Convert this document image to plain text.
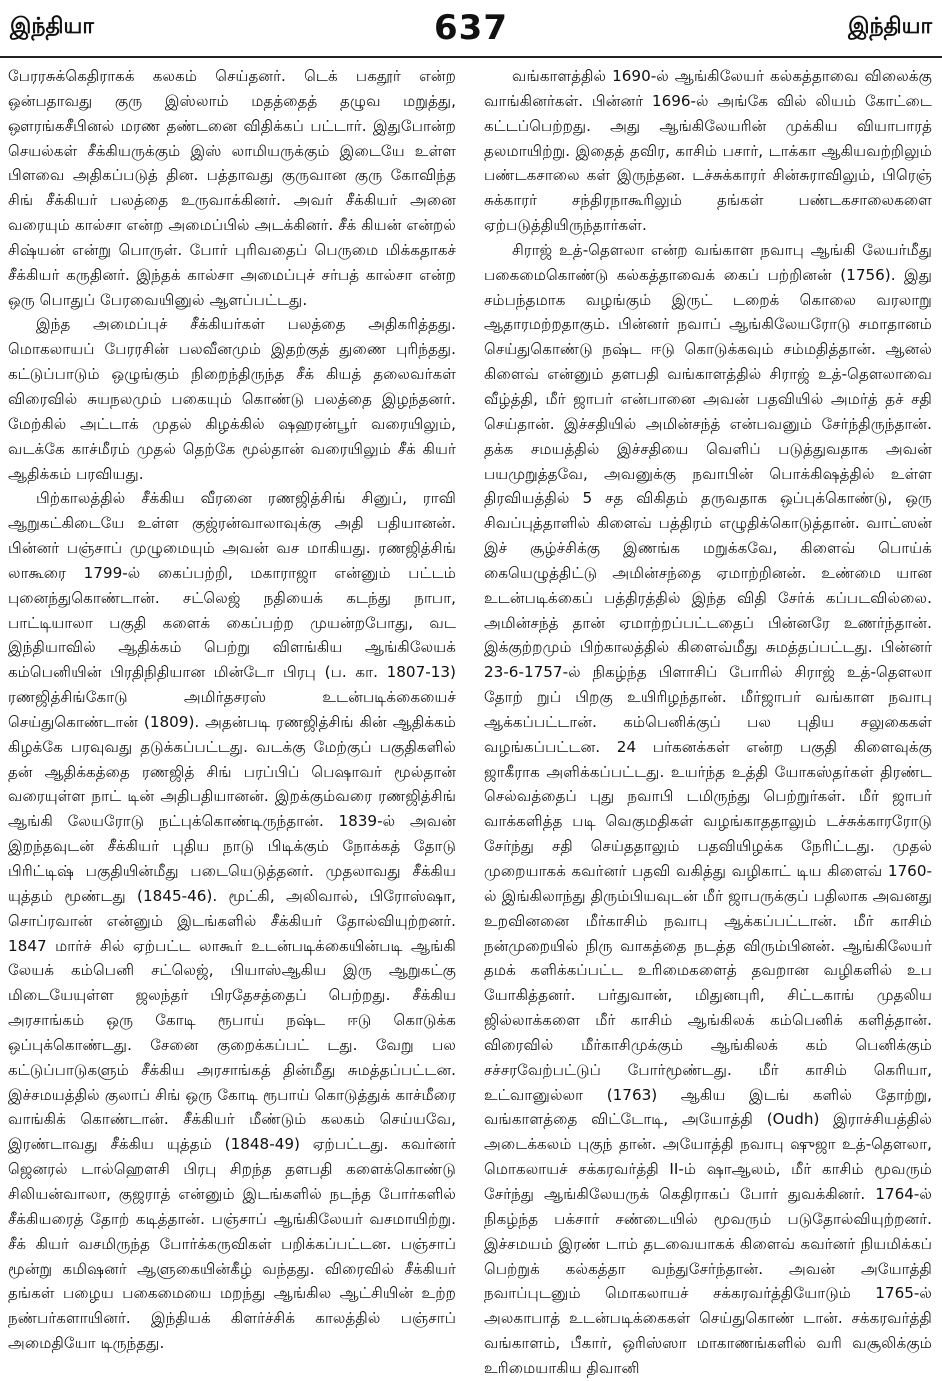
இந்தியா	637	இந்தியா

பேரரசுக்கெதிராகக் கலகம் செய்தனர். டெக் பகதூர் என்ற ஒன்பதாவது குரு இஸ்லாம் மதத்தைத் தழுவ மறுத்து, ஔரங்கசீபினல் மரண தண்டனை விதிக்கப் பட்டார். இதுபோன்ற செயல்கள் சீக்கியருக்கும் இஸ் லாமியருக்கும் இடையே உள்ள பிளவை அதிகப்படுத் தின. பத்தாவது குருவான குரு கோவிந்த சிங் சீக்கியர் பலத்தை உருவாக்கினர். அவர் சீக்கியர் அனை வரையும் கால்சா என்ற அமைப்பில் அடக்கினர். சீக் கியன் என்றல் சிஷ்யன் என்று பொருள். போர் புரிவதைப் பெருமை மிக்கதாகச் சீக்கியர் கருதினர். இந்தக் கால்சா அமைப்புச் சர்பத் கால்சா என்ற ஒரு பொதுப் பேரவையினுல் ஆளப்பட்டது.

இந்த அமைப்புச் சீக்கியர்கள் பலத்தை அதிகரித்தது. மொகலாயப் பேரரசின் பலவீனமும் இதற்குத் துணை புரிந்தது. கட்டுப்பாடும் ஒழுங்கும் நிறைந்திருந்த சீக் கியத் தலைவர்கள் விரைவில் சுயநலமும் பகையும் கொண்டு பலத்தை இழந்தனர். மேற்கில் அட்டாக் முதல் கிழக்கில் ஷஹரன்பூர் வரையிலும், வடக்கே காச்மீரம் முதல் தெற்கே மூல்தான் வரையிலும் சீக் கியர் ஆதிக்கம் பரவியது.

பிற்காலத்தில் சீக்கிய வீரனை ரணஜித்சிங் சினுப், ராவி ஆறுகட்கிடையே உள்ள குஜ்ரன்வாலாவுக்கு அதி பதியானன். பின்னர் பஞ்சாப் முழுமையும் அவன் வச மாகியது. ரணஜித்சிங் லாகூரை 1799-ல் கைப்பற்றி, மகாராஜா என்னும் பட்டம் புனைந்துகொண்டான். சட்லெஜ் நதியைக் கடந்து நாபா, பாட்டியாலா பகுதி களைக் கைப்பற்ற முயன்றபோது, வட இந்தியாவில் ஆதிக்கம் பெற்று விளங்கிய ஆங்கிலேயக் கம்பெனியின் பிரதிநிதியான மின்டோ பிரபு (ப. கா. 1807-13) ரணஜித்சிங்கோடு அமிர்தசரஸ் உடன்படிக்கையைச் செய்துகொண்டான் (1809). அதன்படி ரணஜித்சிங் கின் ஆதிக்கம் கிழக்கே பரவுவது தடுக்கப்பட்டது. வடக்கு மேற்குப் பகுதிகளில் தன் ஆதிக்கத்தை ரணஜித் சிங் பரப்பிப் பெஷாவர் மூல்தான் வரையுள்ள நாட் டின் அதிபதியானன். இறக்கும்வரை ரணஜித்சிங் ஆங்கி லேயரோடு நட்புக்கொண்டிருந்தான். 1839-ல் அவன் இறந்தவுடன் சீக்கியர் புதிய நாடு பிடிக்கும் நோக்கத் தோடு பிரிட்டிஷ் பகுதியின்மீது படையெடுத்தனர். முதலாவது சீக்கிய யுத்தம் மூண்டது (1845-46). மூட்கி, அலிவால், பிரோஸ்ஷா, சொப்ரவான் என்னும் இடங்களில் சீக்கியர் தோல்வியுற்றனர். 1847 மார்ச் சில் ஏற்பட்ட லாகூர் உடன்படிக்கையின்படி ஆங்கி லேயக் கம்பெனி சட்லெஜ், பியாஸ்ஆகிய இரு ஆறுகட்கு மிடையேயுள்ள ஜலந்தர் பிரதேசத்தைப் பெற்றது. சீக்கிய அரசாங்கம் ஒரு கோடி ரூபாய் நஷ்ட ஈடு கொடுக்க ஒப்புக்கொண்டது. சேனை குறைக்கப்பட் டது. வேறு பல கட்டுப்பாடுகளும் சீக்கிய அரசாங்கத் தின்மீது சுமத்தப்பட்டன. இச்சமயத்தில் குலாப் சிங் ஒரு கோடி ரூபாய் கொடுத்துக் காச்மீரை வாங்கிக் கொண்டான். சீக்கியர் மீண்டும் கலகம் செய்யவே, இரண்டாவது சீக்கிய யுத்தம் (1848-49) ஏற்பட்டது. கவர்னர் ஜெனரல் டால்ஹௌசி பிரபு சிறந்த தளபதி களைக்கொண்டு சிலியன்வாலா, குஜராத் என்னும் இடங்களில் நடந்த போர்களில் சீக்கியரைத் தோற் கடித்தான். பஞ்சாப் ஆங்கிலேயர் வசமாயிற்று. சீக் கியர் வசமிருந்த போர்க்கருவிகள் பறிக்கப்பட்டன. பஞ்சாப் மூன்று கமிஷனர் ஆளுகையின்கீழ் வந்தது. விரைவில் சீக்கியர் தங்கள் பழைய பகைமையை மறந்து ஆங்கில ஆட்சியின் உற்ற நண்பர்களாயினர். இந்தியக் கிளர்ச்சிக் காலத்தில் பஞ்சாப் அமைதியோ டிருந்தது.

வங்காளத்தில் 1690-ல் ஆங்கிலேயர் கல்கத்தாவை விலைக்கு வாங்கினர்கள். பின்னர் 1696-ல் அங்கே வில் லியம் கோட்டை கட்டப்பெற்றது. அது ஆங்கிலேயரின் முக்கிய வியாபாரத் தலமாயிற்று. இதைத் தவிர, காசிம் பசார், டாக்கா ஆகியவற்றிலும் பண்டகசாலை கள் இருந்தன. டச்சுக்காரர் சின்சுராவிலும், பிரெஞ் சுக்காரர் சந்திரநாகூரிலும் தங்கள் பண்டகசாலைகளை ஏற்படுத்தியிருந்தார்கள்.

சிராஜ் உத்-தௌலா என்ற வங்காள நவாபு ஆங்கி லேயர்மீது பகைமைகொண்டு கல்கத்தாவைக் கைப் பற்றினன் (1756). இது சம்பந்தமாக வழங்கும் இருட் டறைக் கொலை வரலாறு ஆதாரமற்றதாகும். பின்னர் நவாப் ஆங்கிலேயரோடு சமாதானம் செய்துகொண்டு நஷ்ட ஈடு கொடுக்கவும் சம்மதித்தான். ஆனல் கிளைவ் என்னும் தளபதி வங்காளத்தில் சிராஜ் உத்-தௌலாவை வீழ்த்தி, மீர் ஜாபர் என்பானை அவன் பதவியில் அமர்த் தச் சதி செய்தான். இச்சதியில் அமின்சந்த் என்பவனும் சேர்ந்திருந்தான். தக்க சமயத்தில் இச்சதியை வெளிப் படுத்துவதாக அவன் பயமுறுத்தவே, அவனுக்கு நவாபின் பொக்கிஷத்தில் உள்ள திரவியத்தில் 5 சத விகிதம் தருவதாக ஒப்புக்கொண்டு, ஒரு சிவப்புத்தாளில் கிளைவ் பத்திரம் எழுதிக்கொடுத்தான். வாட்ஸன் இச் சூழ்ச்சிக்கு இணங்க மறுக்கவே, கிளைவ் பொய்க் கையெழுத்திட்டு அமின்சந்தை ஏமாற்றினன். உண்மை யான உடன்படிக்கைப் பத்திரத்தில் இந்த விதி சேர்க் கப்படவில்லை. அமின்சந்த் தான் ஏமாற்றப்பட்டதைப் பின்னரே உணர்ந்தான். இக்குற்றமும் பிற்காலத்தில் கிளைவ்மீது சுமத்தப்பட்டது. பின்னர் 23-6-1757-ல் நிகழ்ந்த பிளாசிப் போரில் சிராஜ் உத்-தௌலா தோற் றுப் பிறகு உயிரிழந்தான். மீர்ஜாபர் வங்காள நவாபு ஆக்கப்பட்டான். கம்பெனிக்குப் பல புதிய சலுகைகள் வழங்கப்பட்டன. 24 பர்கனக்கள் என்ற பகுதி கிளைவுக்கு ஜாகீராக அளிக்கப்பட்டது. உயர்ந்த உத்தி யோகஸ்தர்கள் திரண்ட செல்வத்தைப் புது நவாபி டமிருந்து பெற்றுர்கள். மீர் ஜாபர் வாக்களித்த படி வெகுமதிகள் வழங்காததாலும் டச்சுக்காரரோடு சேர்ந்து சதி செய்ததாலும் பதவியிழக்க நேரிட்டது. முதல் முறையாகக் கவர்னர் பதவி வகித்து வழிகாட் டிய கிளைவ் 1760-ல் இங்கிலாந்து திரும்பியவுடன் மீர் ஜாபருக்குப் பதிலாக அவனது உறவினனை மீர்காசிம் நவாபு ஆக்கப்பட்டான். மீர் காசிம் நன்முறையில் நிரு வாகத்தை நடத்த விரும்பினன். ஆங்கிலேயர் தமக் களிக்கப்பட்ட உரிமைகளைத் தவறான வழிகளில் உப யோகித்தனர். பர்துவான், மிதுனபுரி, சிட்டகாங் முதலிய ஜில்லாக்களை மீர் காசிம் ஆங்கிலக் கம்பெனிக் களித்தான். விரைவில் மீர்காசிமுக்கும் ஆங்கிலக் கம் பெனிக்கும் சச்சரவேற்பட்டுப் போர்மூண்டது. மீர் காசிம் கெரியா, உட்வானுல்லா (1763) ஆகிய இடங் களில் தோற்று, வங்காளத்தை விட்டோடி, அயோத்தி (Oudh) இராச்சியத்தில் அடைக்கலம் புகுந் தான். அயோத்தி நவாபு ஷுஜா உத்-தௌலா, மொகலாயச் சக்கரவர்த்தி II-ம் ஷாஆலம், மீர் காசிம் மூவரும் சேர்ந்து ஆங்கிலேயருக் கெதிராகப் போர் துவக்கினர். 1764-ல் நிகழ்ந்த பக்சார் சண்டையில் மூவரும் படுதோல்வியுற்றனர். இச்சமயம் இரண் டாம் தடவையாகக் கிளைவ் கவர்னர் நியமிக்கப் பெற்றுக் கல்கத்தா வந்துசேர்ந்தான். அவன் அயோத்தி நவாப்புடனும் மொகலாயச் சக்கரவர்த்தியோடும் 1765-ல் அலகாபாத் உடன்படிக்கைகள் செய்துகொண் டான். சக்கரவர்த்தி வங்காளம், பீகார், ஒரிஸ்ஸா மாகாணங்களில் வரி வசூலிக்கும் உரிமையாகிய திவானி
